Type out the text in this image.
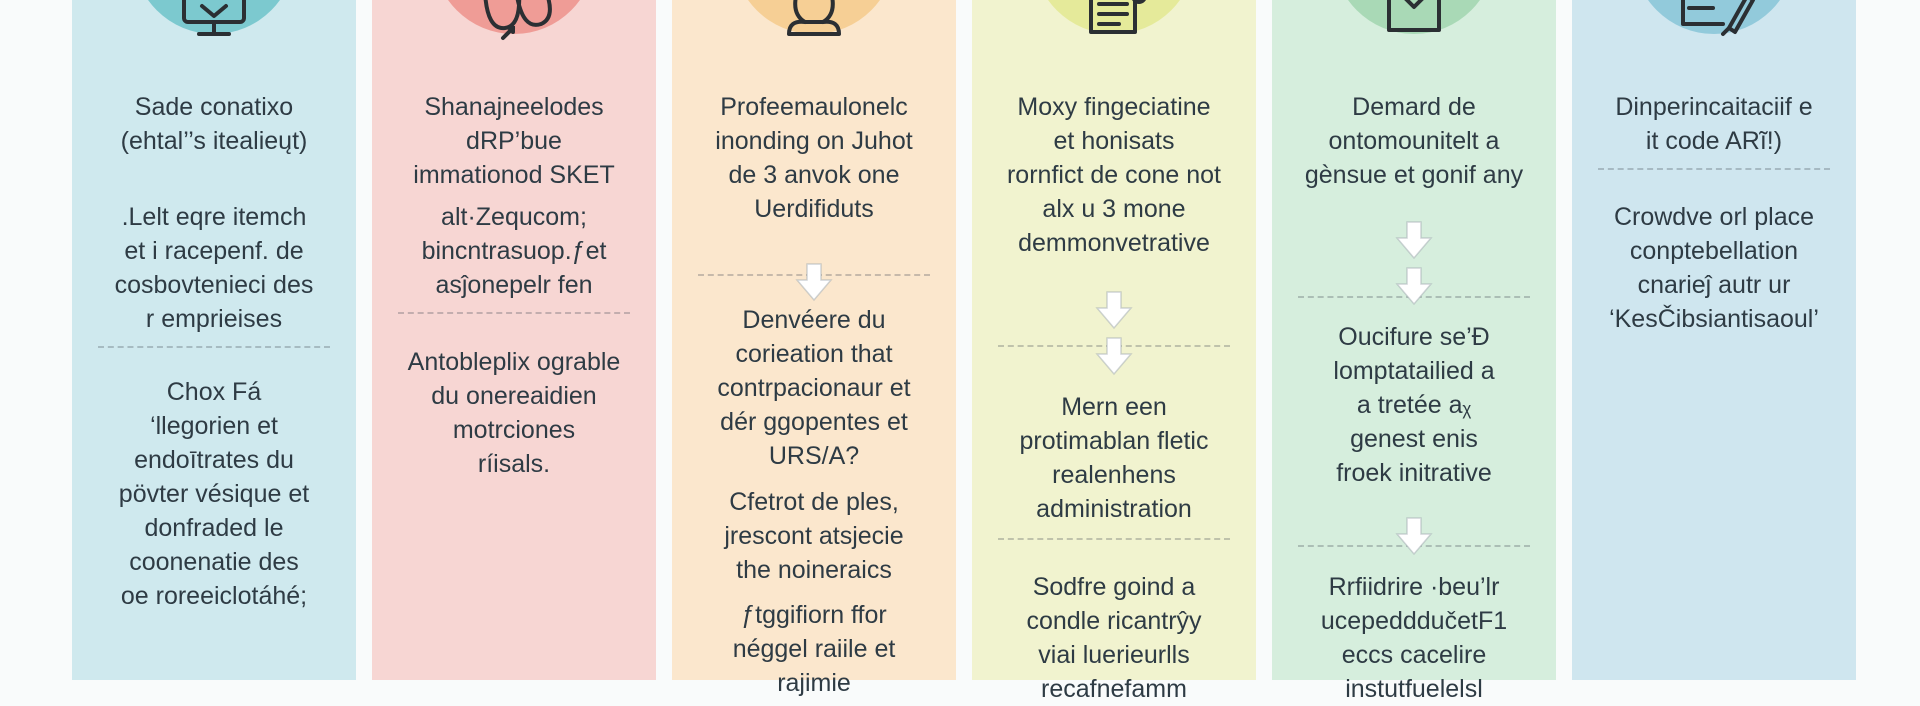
Sade conatixo
(ehtal’’s itealieųt)
.Lelt eqre itemch
et i racepenf. de
cosbovtenieci des
r emprieises
Chox Fá
‘llegorien et
endoītrates du
pövter vésique et
donfraded le
coonenatie des
oe roreeiclotáhé;
Shanajneelodes
dRP’bue
immationod SKET
alt·Zequcom;
bincntrasuop.ƒet
asĵonepelr fen
Antobleplix ograble
du onereaidien
motrciones
ríisals.
Profeemaulonelc
inonding on Juhot
de 3 anvok one
Uerdifiduts
Denvéere du
corieation that
contrpacionaur et
dér ggopentes et
URS/A?
Cfetrot de ples,
jrescont atsjecie
the noineraics
ƒtggifiorn ffor
néggel raiile et
rajimie
Moxy fingeciatine
et honisats
rornfict de cone not
alx u 3 mone
demmonvetrative
Mern een
protimablan fletic
realenhens
administration
Sodfre goind a
condle ricantrŷy
viai luerieurlls
recafnefamm
Demard de
ontomounitelt a
gènsue et gonif any
Oucifure se’Ɖ
lomptatailied a
a tretée aᵪ
genest enis
froek initrative
Rrfiidrire ·beu’lr
ucepedddučetF1
eccs cacelire
instutfuelelsl
Dinperincaitaciif e
it code ARĩ!)
Crowdve orl place
conptebellation
cnarieĵ autr ur
‘KesČibsiantisaoul’
